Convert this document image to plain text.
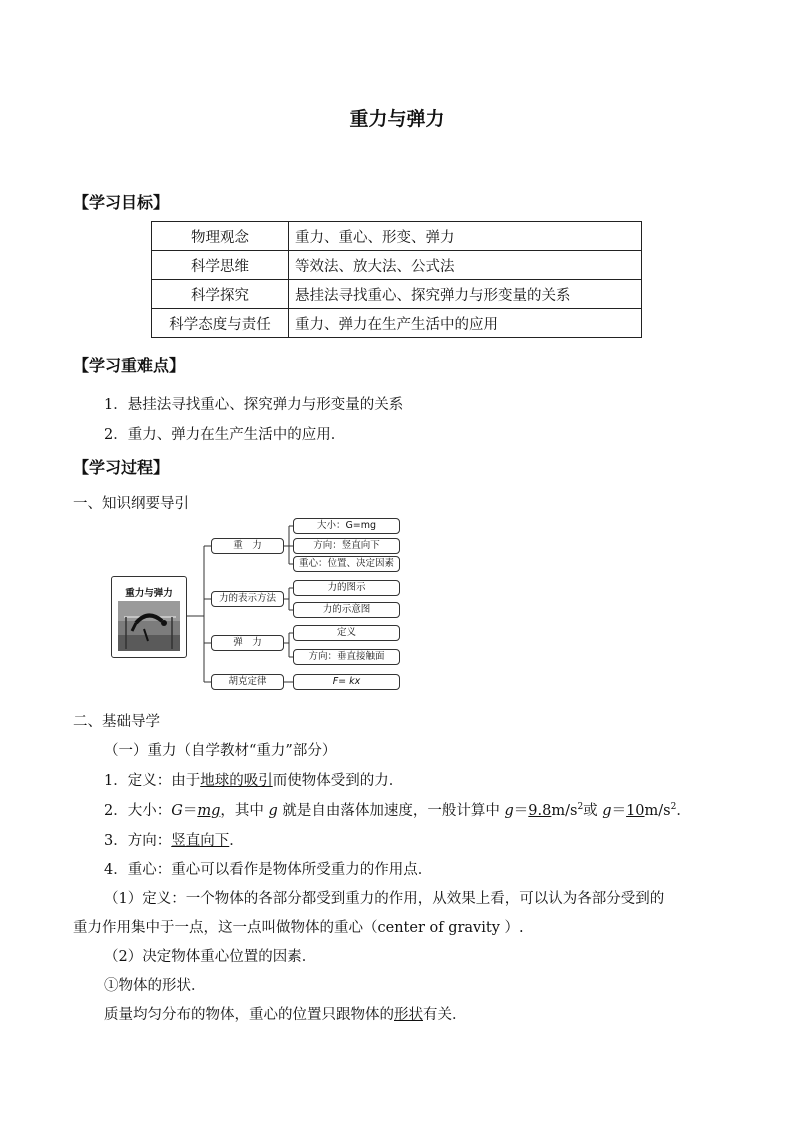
重力与弹力
【学习目标】
物理观念	重力、重心、形变、弹力
科学思维	等效法、放大法、公式法
科学探究	悬挂法寻找重心、探究弹力与形变量的关系
科学态度与责任	重力、弹力在生产生活中的应用
【学习重难点】
1．悬挂法寻找重心、探究弹力与形变量的关系
2．重力、弹力在生产生活中的应用．
【学习过程】
一、知识纲要导引
重力与弹力
重　力
力的表示方法
弹　力
胡克定律
大小：G=mg
方向：竖直向下
重心：位置、决定因素
力的图示
力的示意图
定义
方向：垂直接触面
F= kx
二、基础导学
（一）重力（自学教材“重力”部分）
1．定义：由于地球的吸引而使物体受到的力．
2．大小：G＝mg，其中 g 就是自由落体加速度，一般计算中 $g=9.8m/s^2$或 $g=10m/s^2$．
3．方向：竖直向下．
4．重心：重心可以看作是物体所受重力的作用点．
（1）定义：一个物体的各部分都受到重力的作用，从效果上看，可以认为各部分受到的
重力作用集中于一点，这一点叫做物体的重心（center of gravity ）.
（2）决定物体重心位置的因素．
①物体的形状．
质量均匀分布的物体，重心的位置只跟物体的形状有关．
